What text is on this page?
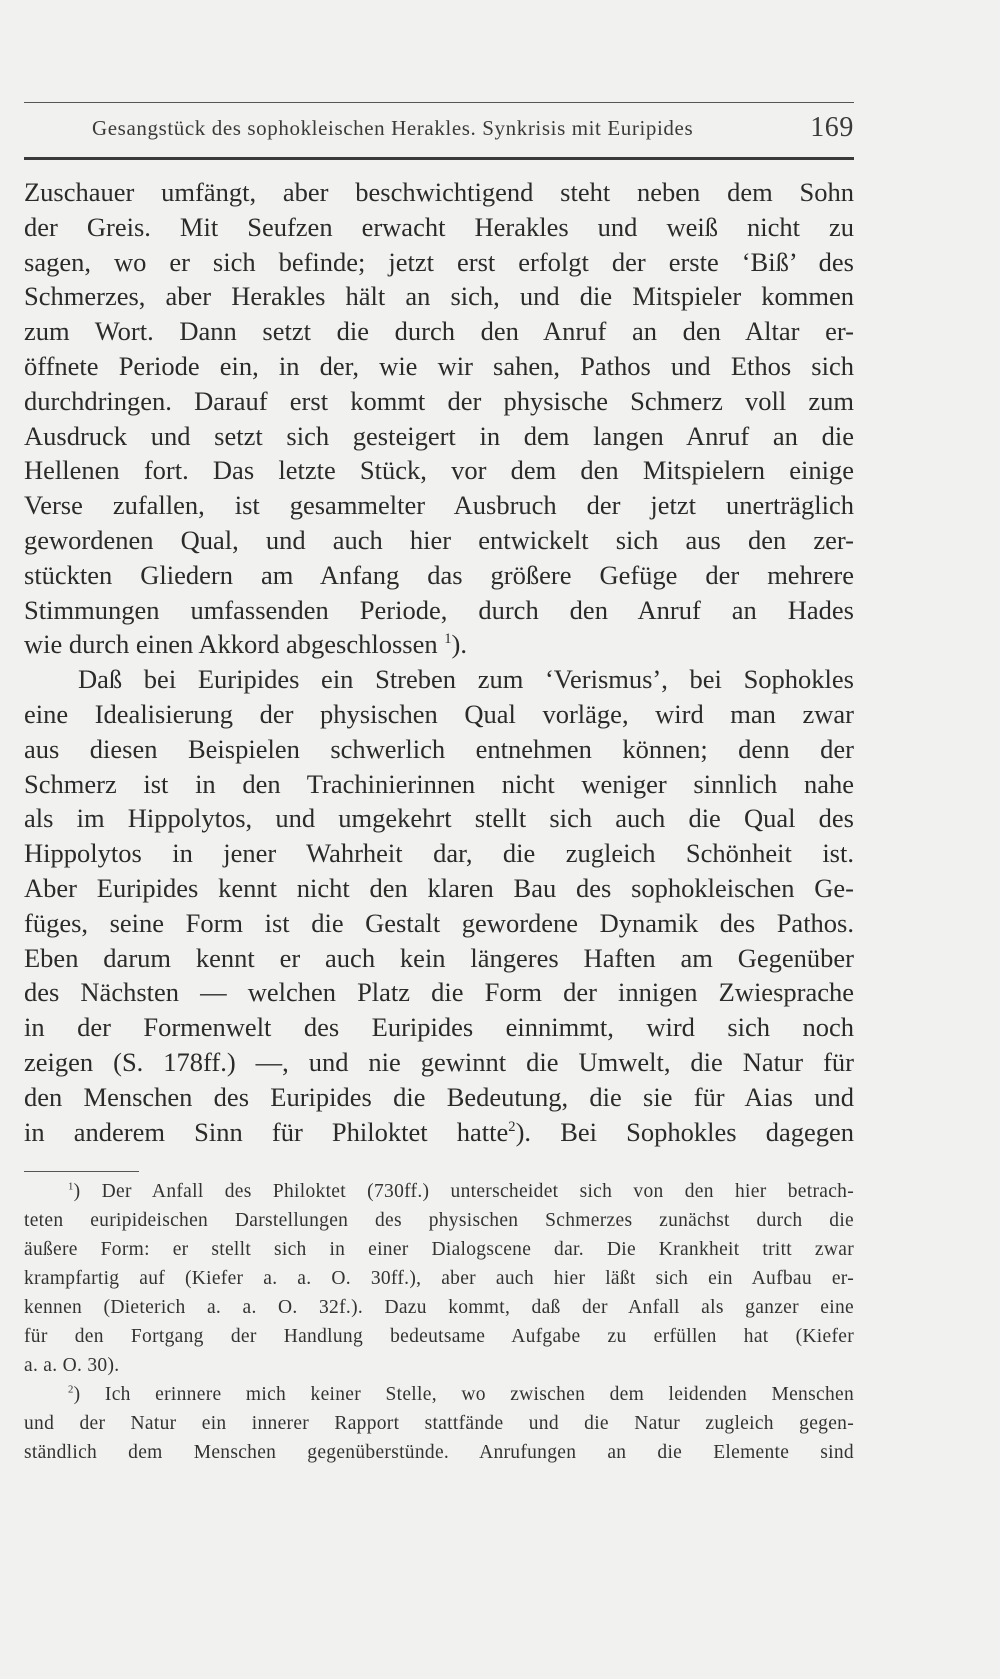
Gesangstück des sophokleischen Herakles. Synkrisis mit Euripides	169
Zuschauer umfängt, aber beschwichtigend steht neben dem Sohn
der Greis. Mit Seufzen erwacht Herakles und weiß nicht zu
sagen, wo er sich befinde; jetzt erst erfolgt der erste ‘Biß’ des
Schmerzes, aber Herakles hält an sich, und die Mitspieler kommen
zum Wort. Dann setzt die durch den Anruf an den Altar er-
öffnete Periode ein, in der, wie wir sahen, Pathos und Ethos sich
durchdringen. Darauf erst kommt der physische Schmerz voll zum
Ausdruck und setzt sich gesteigert in dem langen Anruf an die
Hellenen fort. Das letzte Stück, vor dem den Mitspielern einige
Verse zufallen, ist gesammelter Ausbruch der jetzt unerträglich
gewordenen Qual, und auch hier entwickelt sich aus den zer-
stückten Gliedern am Anfang das größere Gefüge der mehrere
Stimmungen umfassenden Periode, durch den Anruf an Hades
wie durch einen Akkord abgeschlossen $^1$).
Daß bei Euripides ein Streben zum ‘Verismus’, bei Sophokles
eine Idealisierung der physischen Qual vorläge, wird man zwar
aus diesen Beispielen schwerlich entnehmen können; denn der
Schmerz ist in den Trachinierinnen nicht weniger sinnlich nahe
als im Hippolytos, und umgekehrt stellt sich auch die Qual des
Hippolytos in jener Wahrheit dar, die zugleich Schönheit ist.
Aber Euripides kennt nicht den klaren Bau des sophokleischen Ge-
füges, seine Form ist die Gestalt gewordene Dynamik des Pathos.
Eben darum kennt er auch kein längeres Haften am Gegenüber
des Nächsten — welchen Platz die Form der innigen Zwiesprache
in der Formenwelt des Euripides einnimmt, wird sich noch
zeigen (S. 178ff.) —, und nie gewinnt die Umwelt, die Natur für
den Menschen des Euripides die Bedeutung, die sie für Aias und
in anderem Sinn für Philoktet hatte$^2$). Bei Sophokles dagegen
$^1$) Der Anfall des Philoktet (730ff.) unterscheidet sich von den hier betrach-
teten euripideischen Darstellungen des physischen Schmerzes zunächst durch die
äußere Form: er stellt sich in einer Dialogscene dar. Die Krankheit tritt zwar
krampfartig auf (Kiefer a. a. O. 30ff.), aber auch hier läßt sich ein Aufbau er-
kennen (Dieterich a. a. O. 32f.). Dazu kommt, daß der Anfall als ganzer eine
für den Fortgang der Handlung bedeutsame Aufgabe zu erfüllen hat (Kiefer
a. a. O. 30).
$^2$) Ich erinnere mich keiner Stelle, wo zwischen dem leidenden Menschen
und der Natur ein innerer Rapport stattfände und die Natur zugleich gegen-
ständlich dem Menschen gegenüberstünde. Anrufungen an die Elemente sind
